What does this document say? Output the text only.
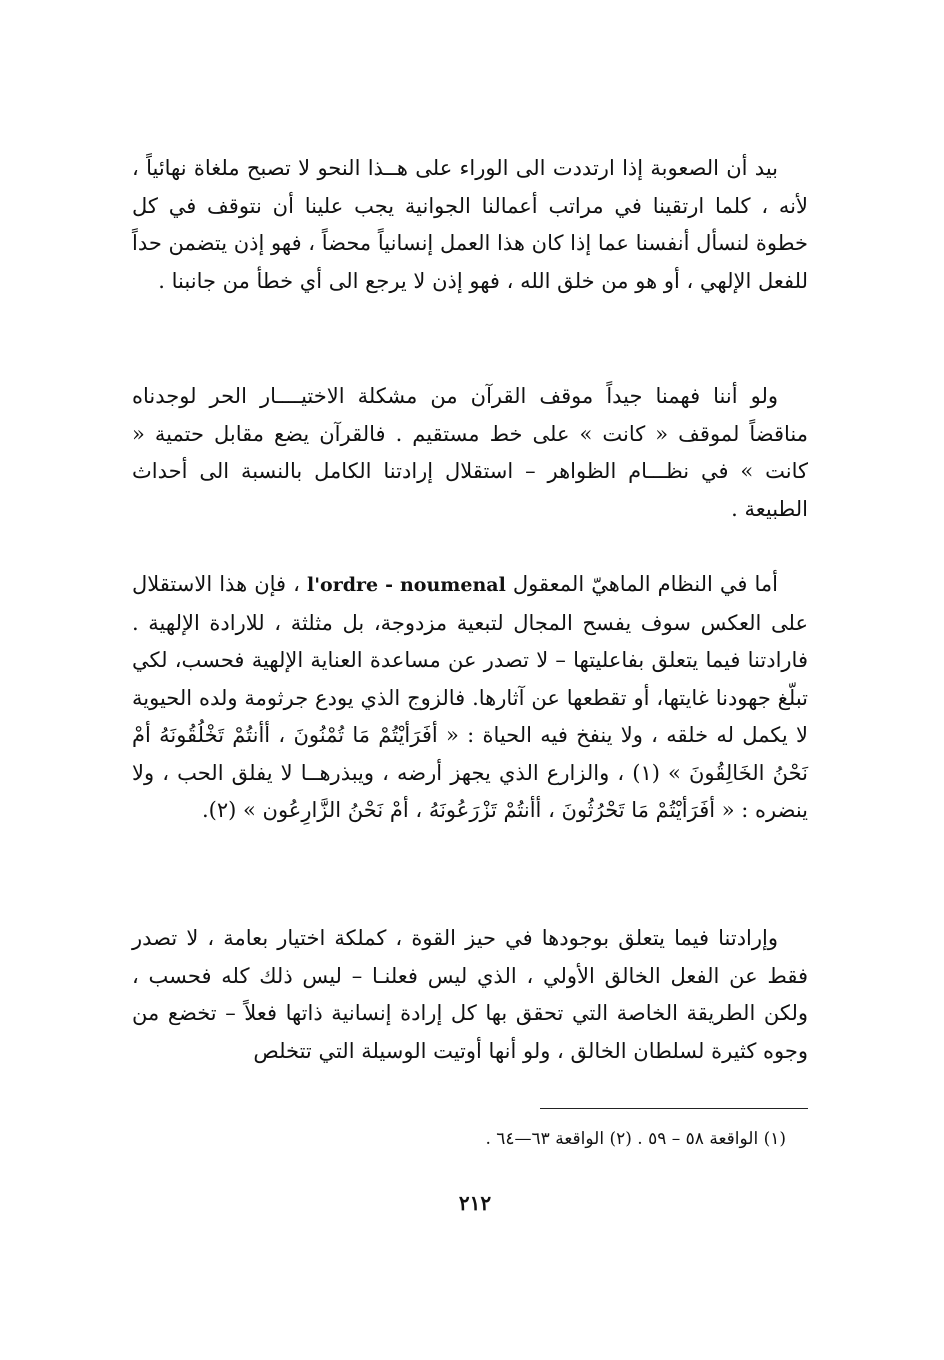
بيد أن الصعوبة إذا ارتددت الى الوراء على هــذا النحو لا تصبح ملغاة نهائياً ، لأنه ، كلما ارتقينا في مراتب أعمالنا الجوانية يجب علينا أن نتوقف في كل خطوة لنسأل أنفسنا عما إذا كان هذا العمل إنسانياً محضاً ، فهو إذن يتضمن حداً للفعل الإلهي ، أو هو من خلق الله ، فهو إذن لا يرجع الى أي خطأ من جانبنا .

ولو أننا فهمنا جيداً موقف القرآن من مشكلة الاختيــــار الحر لوجدناه مناقضاً لموقف « كانت » على خط مستقيم . فالقرآن يضع مقابل حتمية « كانت » في نظـــام الظواهر – استقلال إرادتنا الكامل بالنسبة الى أحداث الطبيعة .

أما في النظام الماهيّ المعقول l'ordre - noumenal ، فإن هذا الاستقلال على العكس سوف يفسح المجال لتبعية مزدوجة، بل مثلثة ، للارادة الإلهية . فارادتنا فيما يتعلق بفاعليتها – لا تصدر عن مساعدة العناية الإلهية فحسب، لكي تبلّغ جهودنا غايتها، أو تقطعها عن آثارها. فالزوج الذي يودع جرثومة ولده الحيوية لا يكمل له خلقه ، ولا ينفخ فيه الحياة : « أفَرَأيْتُمْ مَا تُمْنُونَ ، أأنتُمْ تَخْلُقُونَهُ أمْ نَحْنُ الخَالِقُونَ » (١) ، والزارع الذي يجهز أرضه ، ويبذرهــا لا يفلق الحب ، ولا ينضره : « أفَرَأيْتُمْ مَا تَحْرُثُونَ ، أأنتُمْ تَزْرَعُونَهُ ، أمْ نَحْنُ الزَّارِعُون » (٢).

وإرادتنا فيما يتعلق بوجودها في حيز القوة ، كملكة اختيار بعامة ، لا تصدر فقط عن الفعل الخالق الأولي ، الذي ليس فعلنـا – ليس ذلك كله فحسب ، ولكن الطريقة الخاصة التي تحقق بها كل إرادة إنسانية ذاتها فعلاً – تخضع من وجوه كثيرة لسلطان الخالق ، ولو أنها أوتيت الوسيلة التي تتخلص

(١) الواقعة ٥٨ – ٥٩ . (٢) الواقعة ٦٣—٦٤ .

٢١٢
